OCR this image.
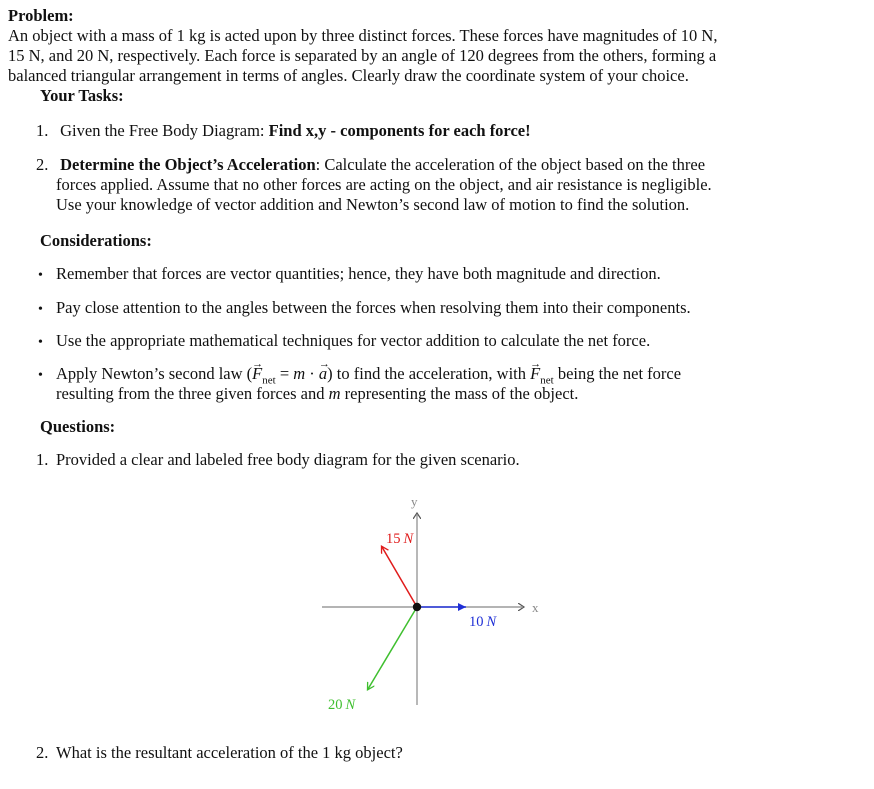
Problem:
An object with a mass of 1 kg is acted upon by three distinct forces. These forces have magnitudes of 10 N,
15 N, and 20 N, respectively. Each force is separated by an angle of 120 degrees from the others, forming a
balanced triangular arrangement in terms of angles. Clearly draw the coordinate system of your choice.
Your Tasks:
1. Given the Free Body Diagram: Find x,y - components for each force!
2. Determine the Object’s Acceleration: Calculate the acceleration of the object based on the three
forces applied. Assume that no other forces are acting on the object, and air resistance is negligible.
Use your knowledge of vector addition and Newton’s second law of motion to find the solution.
Considerations:
• Remember that forces are vector quantities; hence, they have both magnitude and direction.
• Pay close attention to the angles between the forces when resolving them into their components.
• Use the appropriate mathematical techniques for vector addition to calculate the net force.
• Apply Newton’s second law (→ $F_{net} = m$ · → a) to find the acceleration, with → $F_{net}$ being the net force
resulting from the three given forces and m representing the mass of the object.
Questions:
1. Provided a clear and labeled free body diagram for the given scenario.
y
x
15 N
10 N
20 N
2. What is the resultant acceleration of the 1 kg object?
